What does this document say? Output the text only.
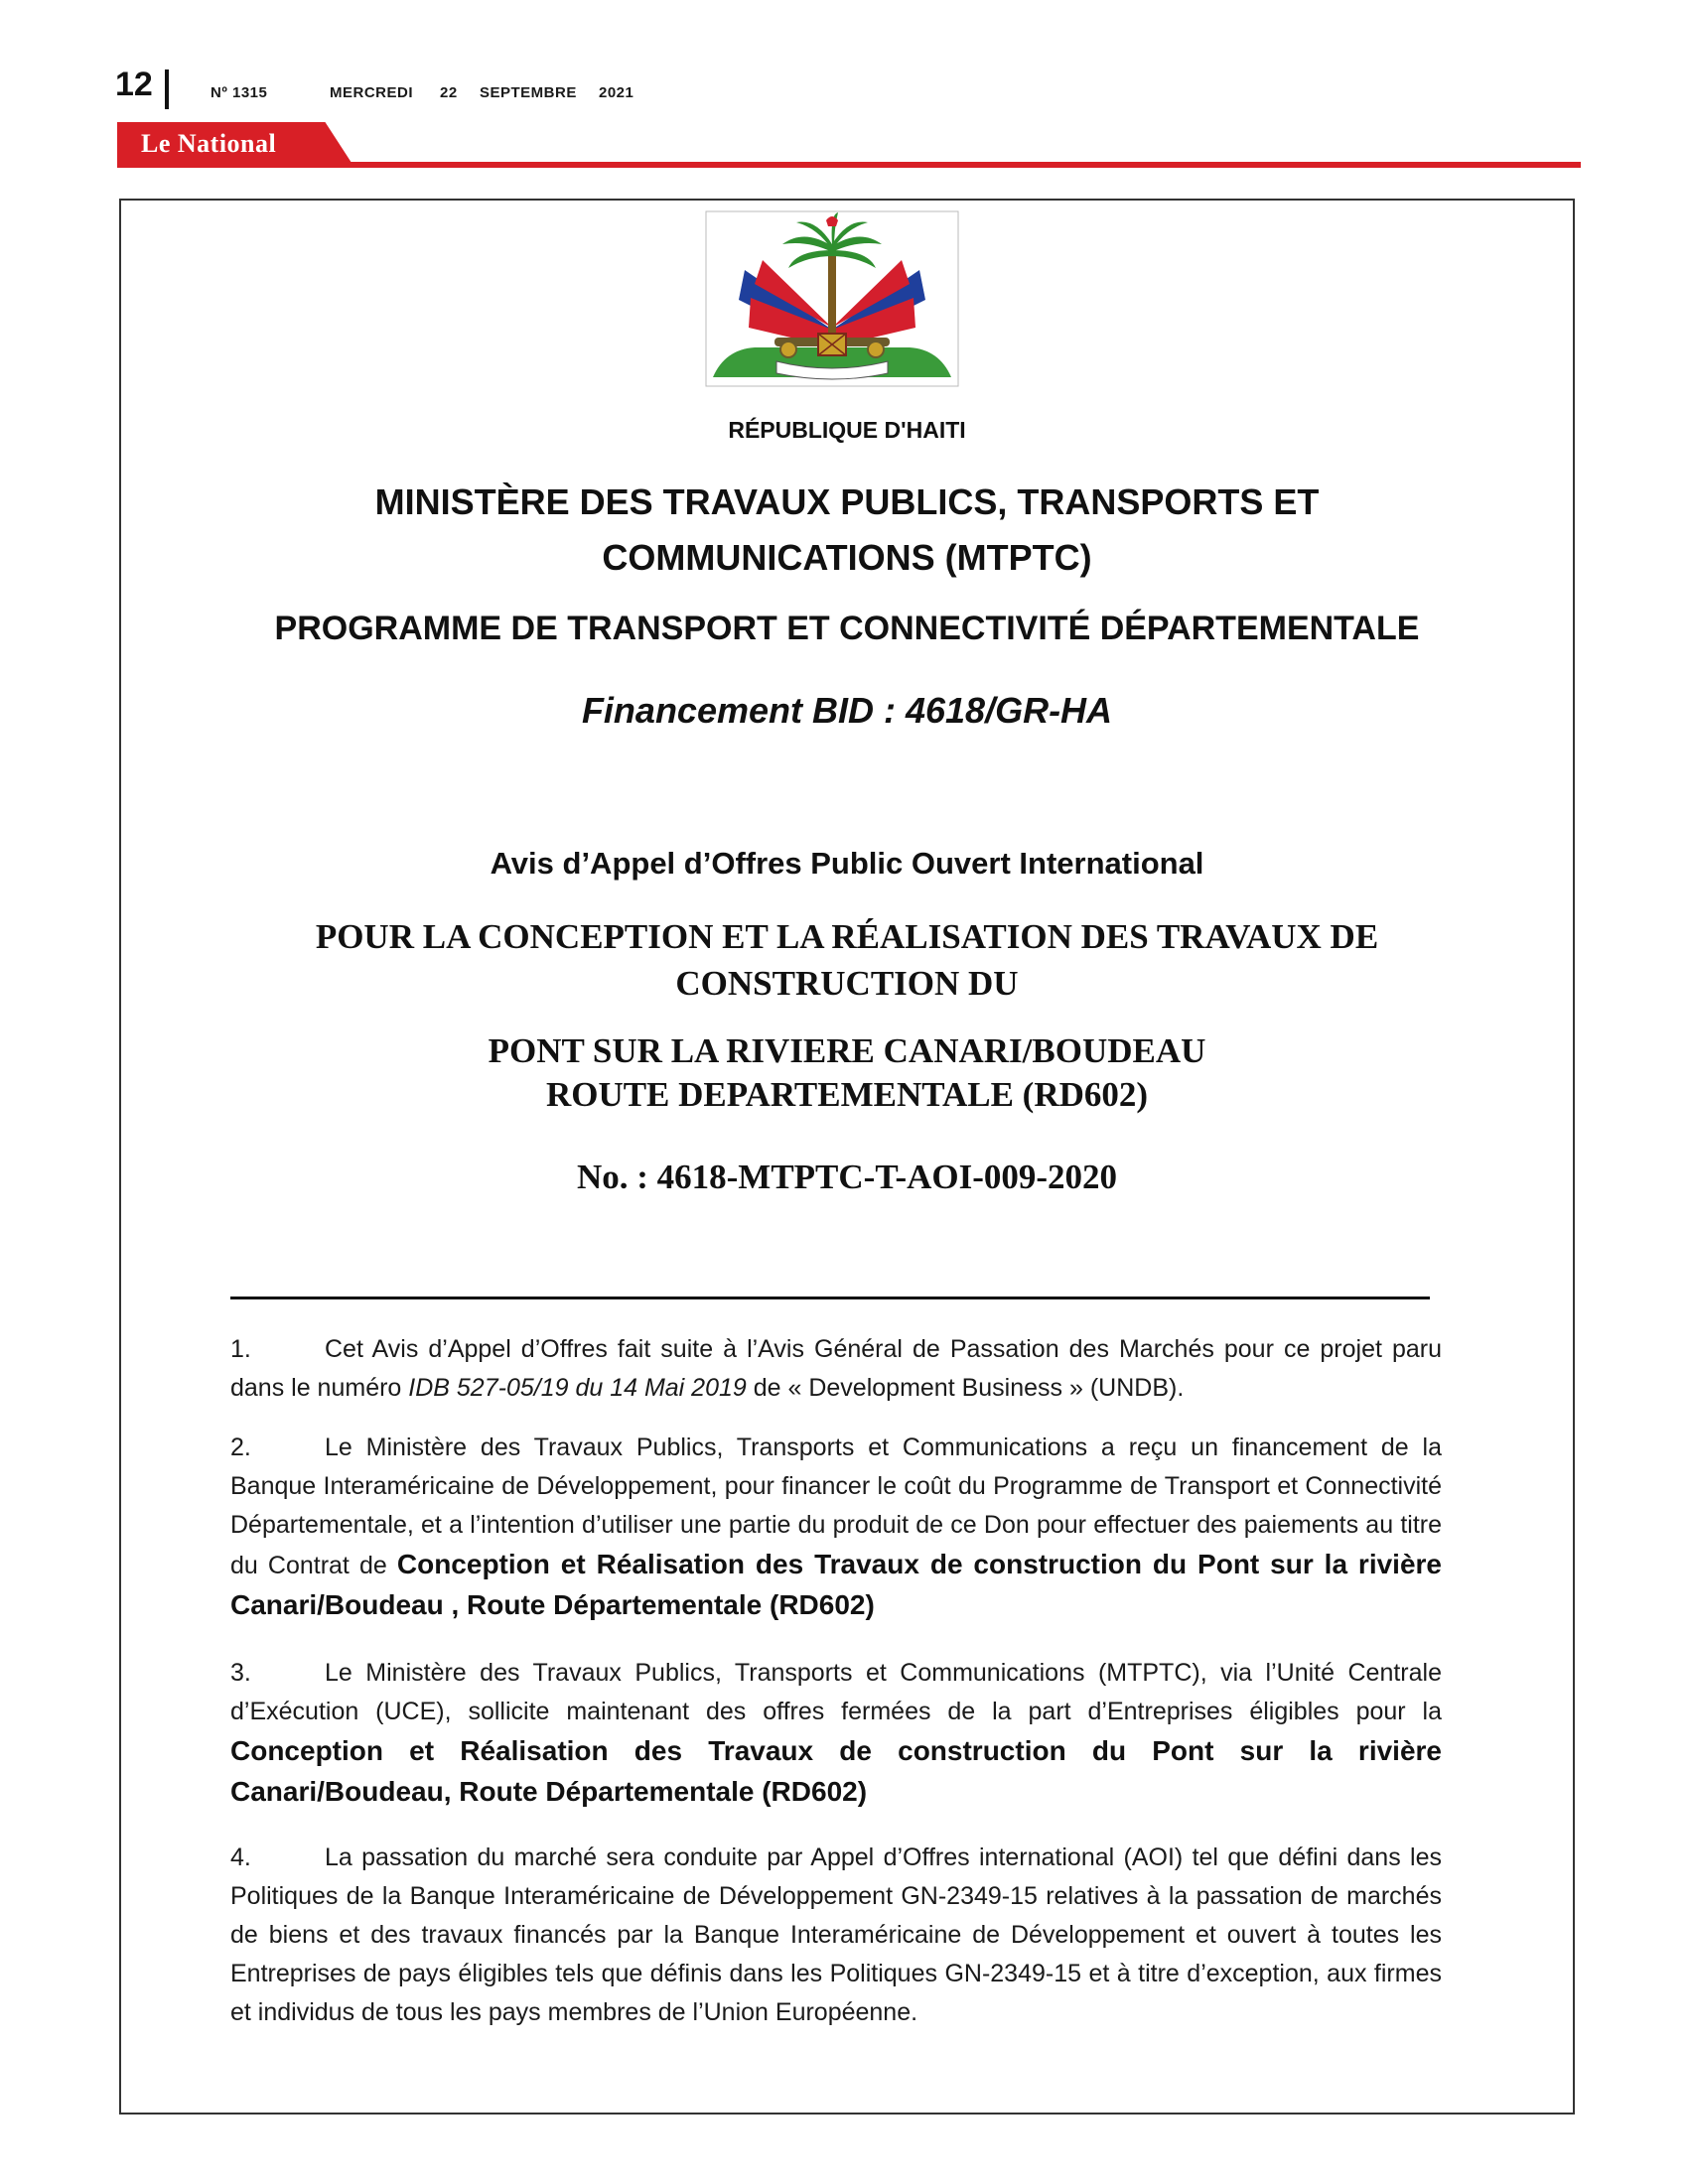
12	Nº 1315	MERCREDI 22 SEPTEMBRE 2021
Le National
RÉPUBLIQUE D'HAITI
MINISTÈRE DES TRAVAUX PUBLICS, TRANSPORTS ET
COMMUNICATIONS (MTPTC)
PROGRAMME DE TRANSPORT ET CONNECTIVITÉ DÉPARTEMENTALE
Financement BID : 4618/GR-HA
Avis d’Appel d’Offres Public Ouvert International
POUR LA CONCEPTION ET LA RÉALISATION DES TRAVAUX DE
CONSTRUCTION DU
PONT SUR LA RIVIERE CANARI/BOUDEAU
ROUTE DEPARTEMENTALE (RD602)
No. : 4618-MTPTC-T-AOI-009-2020
1.	Cet Avis d’Appel d’Offres fait suite à l’Avis Général de Passation des Marchés pour ce projet paru dans le numéro IDB 527-05/19 du 14 Mai 2019 de « Development Business » (UNDB).
2.	Le Ministère des Travaux Publics, Transports et Communications a reçu un financement de la Banque Interaméricaine de Développement, pour financer le coût du Programme de Transport et Connectivité Départementale, et a l’intention d’utiliser une partie du produit de ce Don pour effectuer des paiements au titre du Contrat de Conception et Réalisation des Travaux de construction du Pont sur la rivière Canari/Boudeau , Route Départementale (RD602)
3.	Le Ministère des Travaux Publics, Transports et Communications (MTPTC), via l’Unité Centrale d’Exécution (UCE), sollicite maintenant des offres fermées de la part d’Entreprises éligibles pour la Conception et Réalisation des Travaux de construction du Pont sur la rivière Canari/Boudeau, Route Départementale (RD602)
4.	La passation du marché sera conduite par Appel d’Offres international (AOI) tel que défini dans les Politiques de la Banque Interaméricaine de Développement GN-2349-15 relatives à la passation de marchés de biens et des travaux financés par la Banque Interaméricaine de Développement et ouvert à toutes les Entreprises de pays éligibles tels que définis dans les Politiques GN-2349-15 et à titre d’exception, aux firmes et individus de tous les pays membres de l’Union Européenne.
